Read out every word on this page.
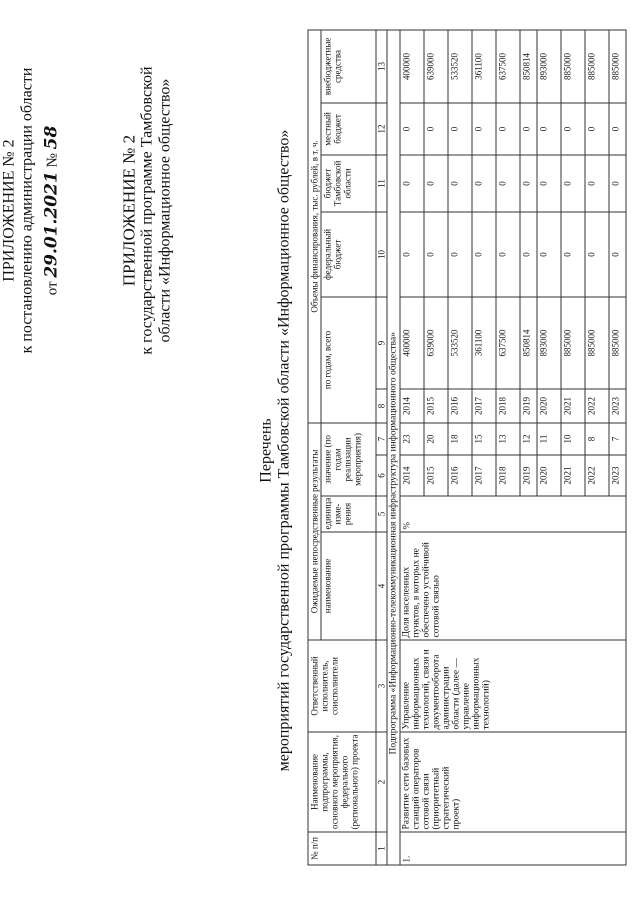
ПРИЛОЖЕНИЕ № 2 к постановлению администрации области от 29.01.2021 № 58	ПРИЛОЖЕНИЕ № 2 к государственной программе Тамбовской области «Информационное общество»
Перечень мероприятий государственной программы Тамбовской области «Информационное общество»
№ п/п	Наименование подпрограммы, основного мероприятия, федерального (регионального) проекта	Ответственный исполнитель, соисполнители	Ожидаемые непосредственные результаты				Объемы финансирования, тыс. рублей, в т. ч.					
			наименование	единица изме-рения	значение (по годам реализации мероприятия)		по годам, всего		федеральный бюджет	бюджет Тамбовской области	местный бюджет	внебюджетные средства
1	2	3	4	5	6	7	8	9	10	11	12	13
Подпрограмма «Информационно-телекоммуникационная инфраструктура информационного общества»												
1.	Развитие сети базовых станций операторов сотовой связи (приоритетный стратегический проект)	Управление информационных технологий, связи и документооборота администрации области (далее — управление информационных технологий)	Доля населенных пунктов, в которых не обеспечено устойчивой сотовой связью	%	2014	23	2014	400000	0	0	0	400000
					2015	20	2015	639000	0	0	0	639000
					2016	18	2016	533520	0	0	0	533520
					2017	15	2017	361100	0	0	0	361100
					2018	13	2018	637500	0	0	0	637500
					2019	12	2019	850814	0	0	0	850814
					2020	11	2020	893000	0	0	0	893000
					2021	10	2021	885000	0	0	0	885000
					2022	8	2022	885000	0	0	0	885000
					2023	7	2023	885000	0	0	0	885000
